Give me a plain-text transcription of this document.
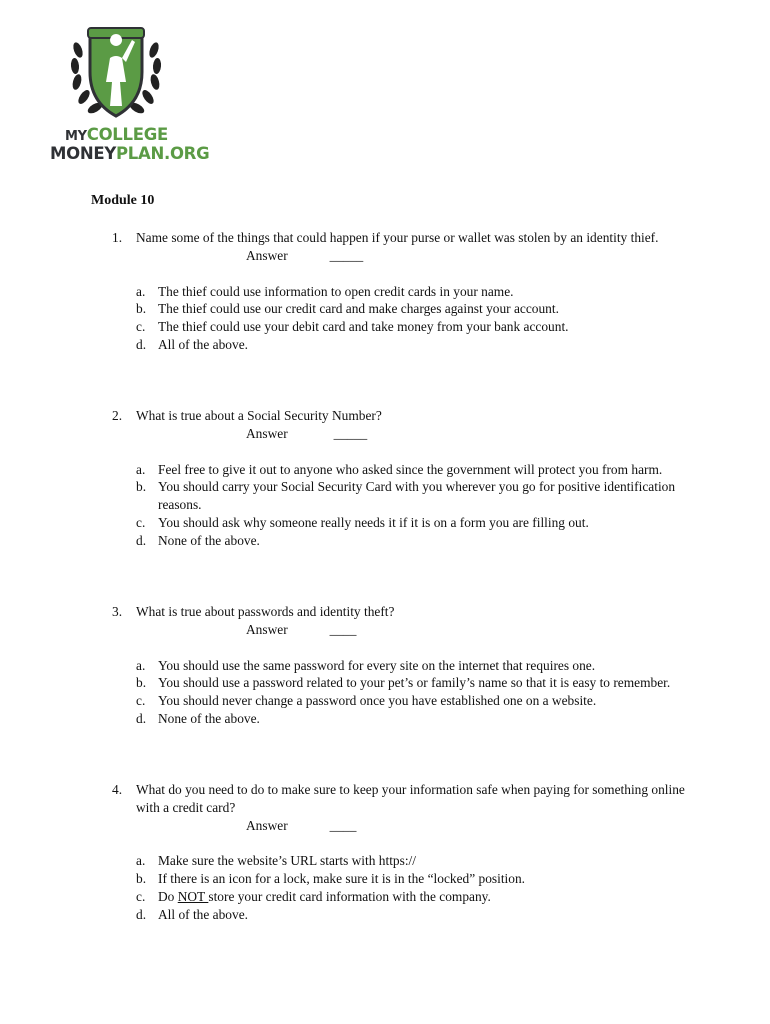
MYCOLLEGE
MONEYPLAN.ORG
Module 10
1.	Name some of the things that could happen if your purse or wallet was stolen by an identity thief.
Answer	_____
a. The thief could use information to open credit cards in your name.
b. The thief could use our credit card and make charges against your account.
c. The thief could use your debit card and take money from your bank account.
d. All of the above.
2.	What is true about a Social Security Number?
Answer	_____
a. Feel free to give it out to anyone who asked since the government will protect you from harm.
b. You should carry your Social Security Card with you wherever you go for positive identification reasons.
c. You should ask why someone really needs it if it is on a form you are filling out.
d. None of the above.
3.	What is true about passwords and identity theft?
Answer	____
a. You should use the same password for every site on the internet that requires one.
b. You should use a password related to your pet’s or family’s name so that it is easy to remember.
c. You should never change a password once you have established one on a website.
d. None of the above.
4.	What do you need to do to make sure to keep your information safe when paying for something online with a credit card?
Answer	____
a. Make sure the website’s URL starts with https://
b. If there is an icon for a lock, make sure it is in the “locked” position.
c. Do NOT store your credit card information with the company.
d. All of the above.
